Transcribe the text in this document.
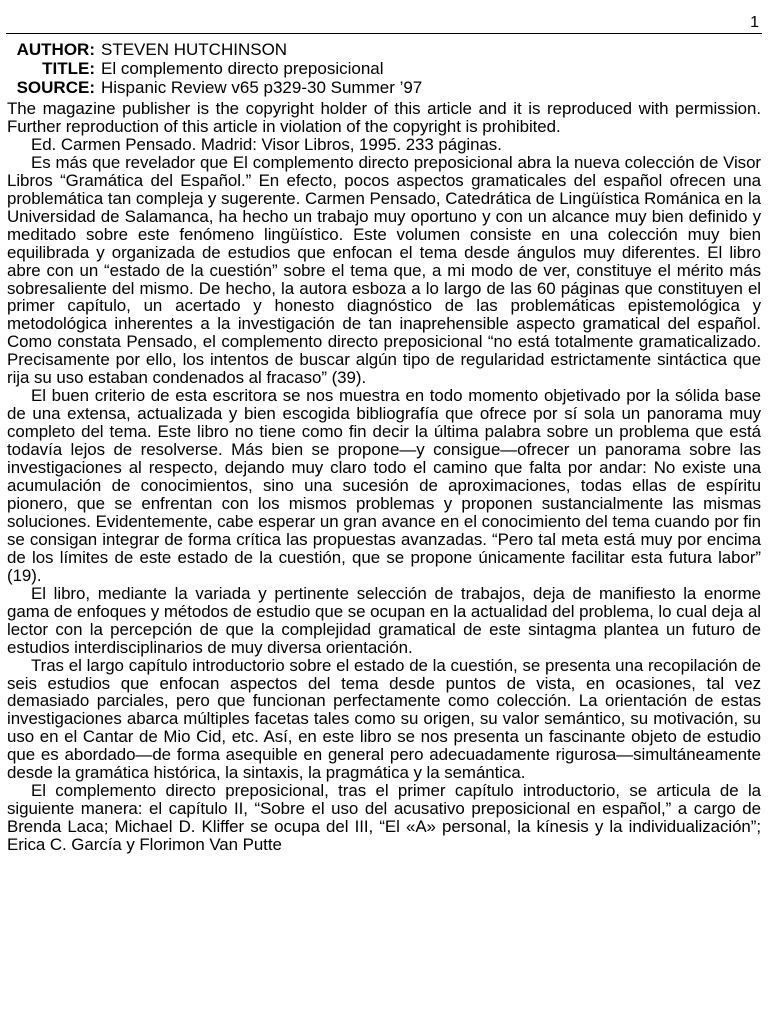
1
AUTHOR: STEVEN HUTCHINSON
TITLE: El complemento directo preposicional
SOURCE: Hispanic Review v65 p329-30 Summer ’97

The magazine publisher is the copyright holder of this article and it is reproduced with permission. Further reproduction of this article in violation of the copyright is prohibited.

Ed. Carmen Pensado. Madrid: Visor Libros, 1995. 233 páginas.

Es más que revelador que El complemento directo preposicional abra la nueva colección de Visor Libros “Gramática del Español.” En efecto, pocos aspectos gramaticales del español ofrecen una problemática tan compleja y sugerente. Carmen Pensado, Catedrática de Lingüística Románica en la Universidad de Salamanca, ha hecho un trabajo muy oportuno y con un alcance muy bien definido y meditado sobre este fenómeno lingüístico. Este volumen consiste en una colección muy bien equilibrada y organizada de estudios que enfocan el tema desde ángulos muy diferentes. El libro abre con un “estado de la cuestión” sobre el tema que, a mi modo de ver, constituye el mérito más sobresaliente del mismo. De hecho, la autora esboza a lo largo de las 60 páginas que constituyen el primer capítulo, un acertado y honesto diagnóstico de las problemáticas epistemológica y metodológica inherentes a la investigación de tan inaprehensible aspecto gramatical del español. Como constata Pensado, el complemento directo preposicional “no está totalmente gramaticalizado. Precisamente por ello, los intentos de buscar algún tipo de regularidad estrictamente sintáctica que rija su uso estaban condenados al fracaso” (39).

El buen criterio de esta escritora se nos muestra en todo momento objetivado por la sólida base de una extensa, actualizada y bien escogida bibliografía que ofrece por sí sola un panorama muy completo del tema. Este libro no tiene como fin decir la última palabra sobre un problema que está todavía lejos de resolverse. Más bien se propone—y consigue—ofrecer un panorama sobre las investigaciones al respecto, dejando muy claro todo el camino que falta por andar: No existe una acumulación de conocimientos, sino una sucesión de aproximaciones, todas ellas de espíritu pionero, que se enfrentan con los mismos problemas y proponen sustancialmente las mismas soluciones. Evidentemente, cabe esperar un gran avance en el conocimiento del tema cuando por fin se consigan integrar de forma crítica las propuestas avanzadas. “Pero tal meta está muy por encima de los límites de este estado de la cuestión, que se propone únicamente facilitar esta futura labor” (19).

El libro, mediante la variada y pertinente selección de trabajos, deja de manifiesto la enorme gama de enfoques y métodos de estudio que se ocupan en la actualidad del problema, lo cual deja al lector con la percepción de que la complejidad gramatical de este sintagma plantea un futuro de estudios interdisciplinarios de muy diversa orientación.

Tras el largo capítulo introductorio sobre el estado de la cuestión, se presenta una recopilación de seis estudios que enfocan aspectos del tema desde puntos de vista, en ocasiones, tal vez demasiado parciales, pero que funcionan perfectamente como colección. La orientación de estas investigaciones abarca múltiples facetas tales como su origen, su valor semántico, su motivación, su uso en el Cantar de Mio Cid, etc. Así, en este libro se nos presenta un fascinante objeto de estudio que es abordado—de forma asequible en general pero adecuadamente rigurosa—simultáneamente desde la gramática histórica, la sintaxis, la pragmática y la semántica.

El complemento directo preposicional, tras el primer capítulo introductorio, se articula de la siguiente manera: el capítulo II, “Sobre el uso del acusativo preposicional en español,” a cargo de Brenda Laca; Michael D. Kliffer se ocupa del III, “El «A» personal, la kínesis y la individualización”; Erica C. García y Florimon Van Putte
